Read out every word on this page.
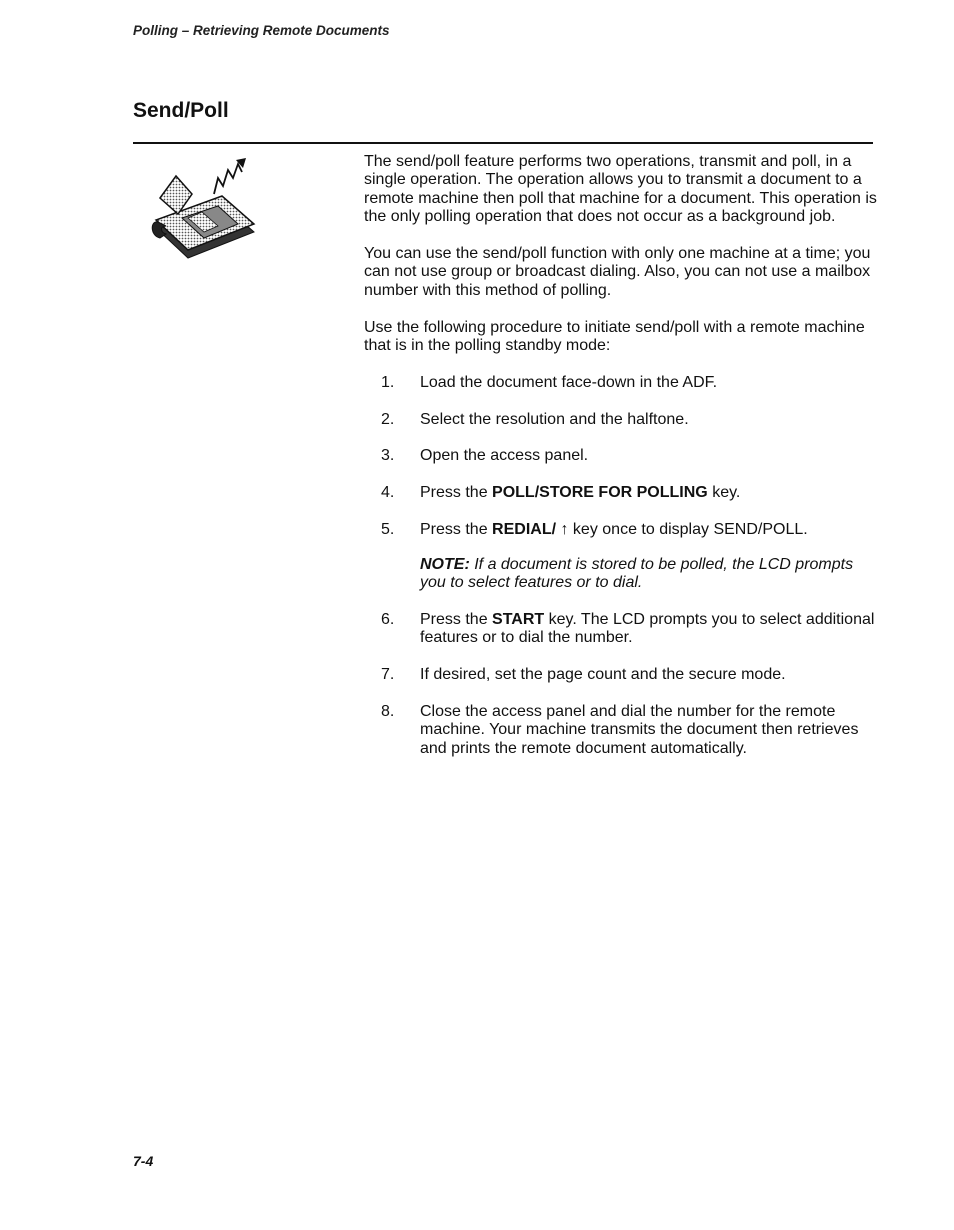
Polling – Retrieving Remote Documents
Send/Poll

The send/poll feature performs two operations, transmit and poll, in a single operation. The operation allows you to transmit a document to a remote machine then poll that machine for a document. This operation is the only polling operation that does not occur as a background job.

You can use the send/poll function with only one machine at a time; you can not use group or broadcast dialing. Also, you can not use a mailbox number with this method of polling.

Use the following procedure to initiate send/poll with a remote machine that is in the polling standby mode:

1. Load the document face-down in the ADF.
2. Select the resolution and the halftone.
3. Open the access panel.
4. Press the POLL/STORE FOR POLLING key.
5. Press the REDIAL/ ↑ key once to display SEND/POLL.
NOTE: If a document is stored to be polled, the LCD prompts you to select features or to dial.
6. Press the START key. The LCD prompts you to select additional features or to dial the number.
7. If desired, set the page count and the secure mode.
8. Close the access panel and dial the number for the remote machine. Your machine transmits the document then retrieves and prints the remote document automatically.
7-4
